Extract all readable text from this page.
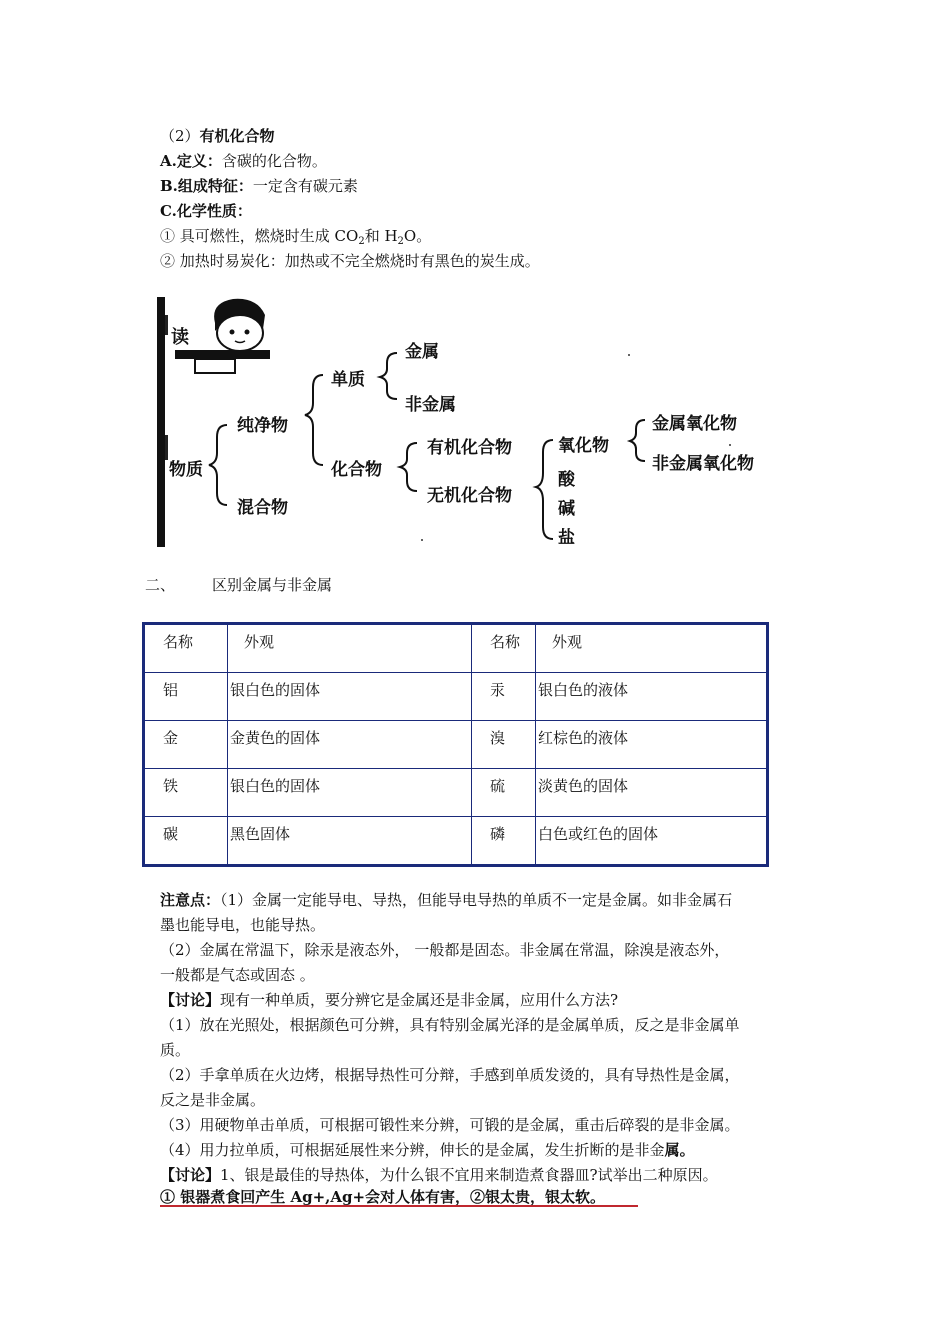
（2）有机化合物
A.定义：含碳的化合物。
B.组成特征：一定含有碳元素
C.化学性质：
① 具可燃性，燃烧时生成 $CO_2$和 $H_2O$。
② 加热时易炭化：加热或不完全燃烧时有黑色的炭生成。
读
物质
纯净物
混合物
单质
化合物
金属
非金属
有机化合物
无机化合物
氧化物
酸
碱
盐
金属氧化物
非金属氧化物
二、 区别金属与非金属
名称	外观	名称	外观
铝	银白色的固体	汞	银白色的液体
金	金黄色的固体	溴	红棕色的液体
铁	银白色的固体	硫	淡黄色的固体
碳	黑色固体	磷	白色或红色的固体
注意点：（1）金属一定能导电、导热，但能导电导热的单质不一定是金属。如非金属石
墨也能导电，也能导热。
（2）金属在常温下，除汞是液态外， 一般都是固态。非金属在常温，除溴是液态外，
一般都是气态或固态 。
【讨论】现有一种单质，要分辨它是金属还是非金属，应用什么方法?
（1）放在光照处，根据颜色可分辨，具有特别金属光泽的是金属单质，反之是非金属单
质。
（2）手拿单质在火边烤，根据导热性可分辩，手感到单质发烫的，具有导热性是金属，
反之是非金属。
（3）用硬物单击单质，可根据可锻性来分辨，可锻的是金属，重击后碎裂的是非金属。
（4）用力拉单质，可根据延展性来分辨，伸长的是金属，发生折断的是非金属。
【讨论】1、银是最佳的导热体，为什么银不宜用来制造煮食器皿?试举出二种原因。
① 银器煮食回产生 Ag+,Ag+会对人体有害，②银太贵，银太软。
